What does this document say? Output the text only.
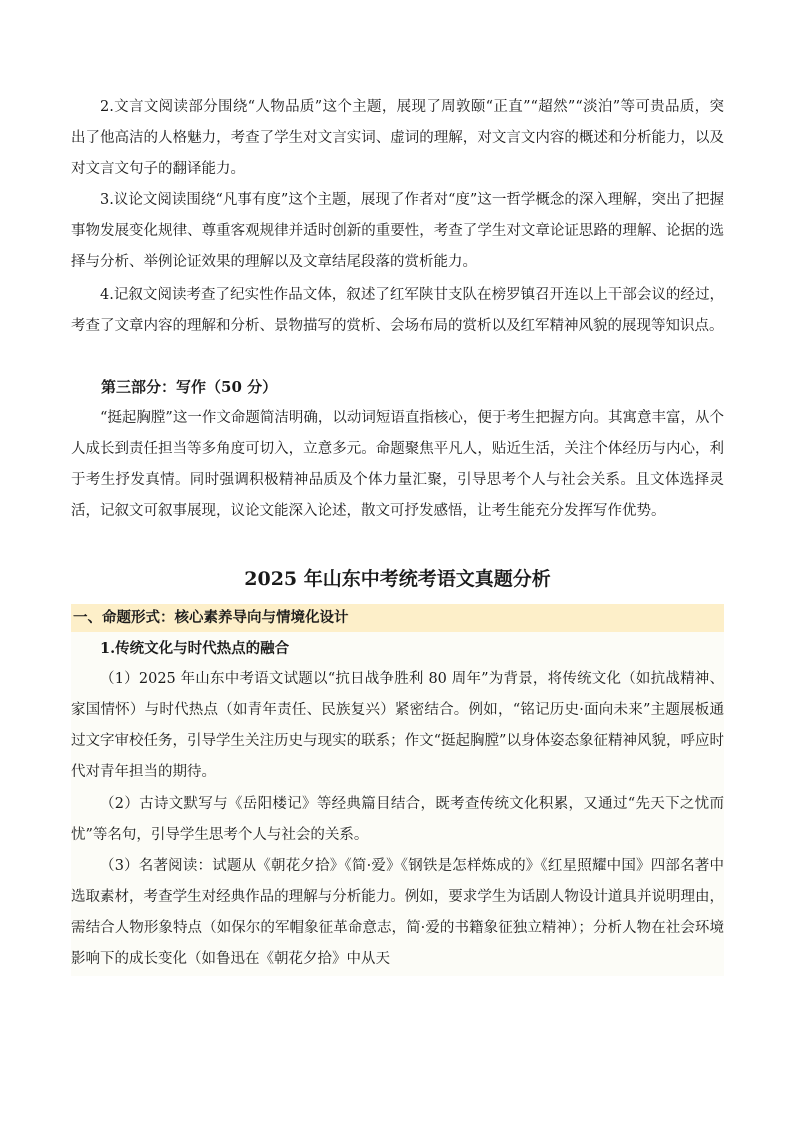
2.文言文阅读部分围绕“人物品质”这个主题，展现了周敦颐“正直”“超然”“淡泊”等可贵品质，突出了他高洁的人格魅力，考查了学生对文言实词、虚词的理解，对文言文内容的概述和分析能力，以及对文言文句子的翻译能力。

3.议论文阅读围绕“凡事有度”这个主题，展现了作者对“度”这一哲学概念的深入理解，突出了把握事物发展变化规律、尊重客观规律并适时创新的重要性，考查了学生对文章论证思路的理解、论据的选择与分析、举例论证效果的理解以及文章结尾段落的赏析能力。

4.记叙文阅读考查了纪实性作品文体，叙述了红军陕甘支队在榜罗镇召开连以上干部会议的经过，考查了文章内容的理解和分析、景物描写的赏析、会场布局的赏析以及红军精神风貌的展现等知识点。

第三部分：写作（50 分）

“挺起胸膛”这一作文命题简洁明确，以动词短语直指核心，便于考生把握方向。其寓意丰富，从个人成长到责任担当等多角度可切入，立意多元。命题聚焦平凡人，贴近生活，关注个体经历与内心，利于考生抒发真情。同时强调积极精神品质及个体力量汇聚，引导思考个人与社会关系。且文体选择灵活，记叙文可叙事展现，议论文能深入论述，散文可抒发感悟，让考生能充分发挥写作优势。

2025 年山东中考统考语文真题分析
一、命题形式：核心素养导向与情境化设计

1.传统文化与时代热点的融合

（1）2025 年山东中考语文试题以“抗日战争胜利 80 周年”为背景，将传统文化（如抗战精神、家国情怀）与时代热点（如青年责任、民族复兴）紧密结合。例如，“铭记历史·面向未来”主题展板通过文字审校任务，引导学生关注历史与现实的联系；作文“挺起胸膛”以身体姿态象征精神风貌，呼应时代对青年担当的期待。

（2）古诗文默写与《岳阳楼记》等经典篇目结合，既考查传统文化积累，又通过“先天下之忧而忧”等名句，引导学生思考个人与社会的关系。

（3）名著阅读：试题从《朝花夕拾》《简·爱》《钢铁是怎样炼成的》《红星照耀中国》四部名著中选取素材，考查学生对经典作品的理解与分析能力。例如，要求学生为话剧人物设计道具并说明理由，需结合人物形象特点（如保尔的军帽象征革命意志，简·爱的书籍象征独立精神）；分析人物在社会环境影响下的成长变化（如鲁迅在《朝花夕拾》中从天
